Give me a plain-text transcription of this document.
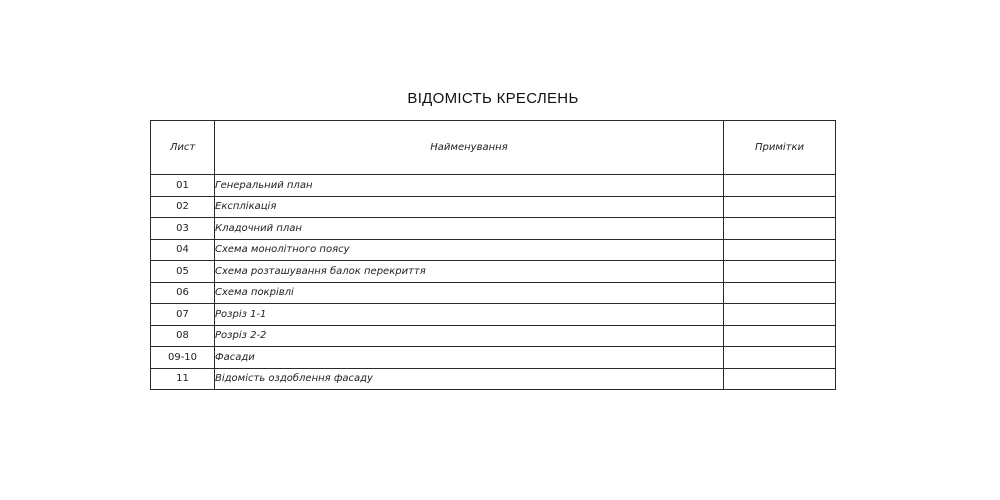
ВІДОМІСТЬ КРЕСЛЕНЬ
Лист	Найменування	Примітки
01	Генеральний план	
02	Експлікація	
03	Кладочний план	
04	Схема монолітного поясу	
05	Схема розташування балок перекриття	
06	Схема покрівлі	
07	Розріз 1-1	
08	Розріз 2-2	
09-10	Фасади	
11	Відомість оздоблення фасаду	
